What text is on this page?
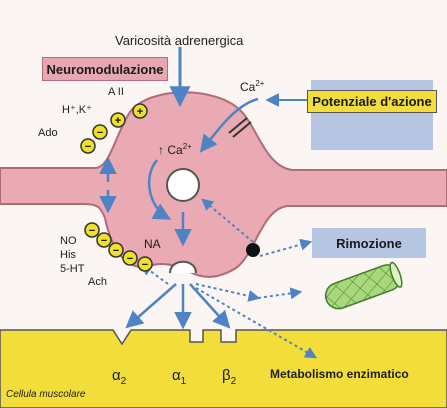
+
+
−
−
−
−
−
− −
Varicosità adrenergica
Neuromodulazione
Potenziale d'azione
Rimozione
$Ca^{2+}$
↑ $Ca^{2+}$
A II
H⁺,K⁺
Ado
NO
His
5-HT
Ach
NA
$\alpha_2$	$\alpha_1$ $\beta_2$
Metabolismo enzimatico
Cellula muscolare
